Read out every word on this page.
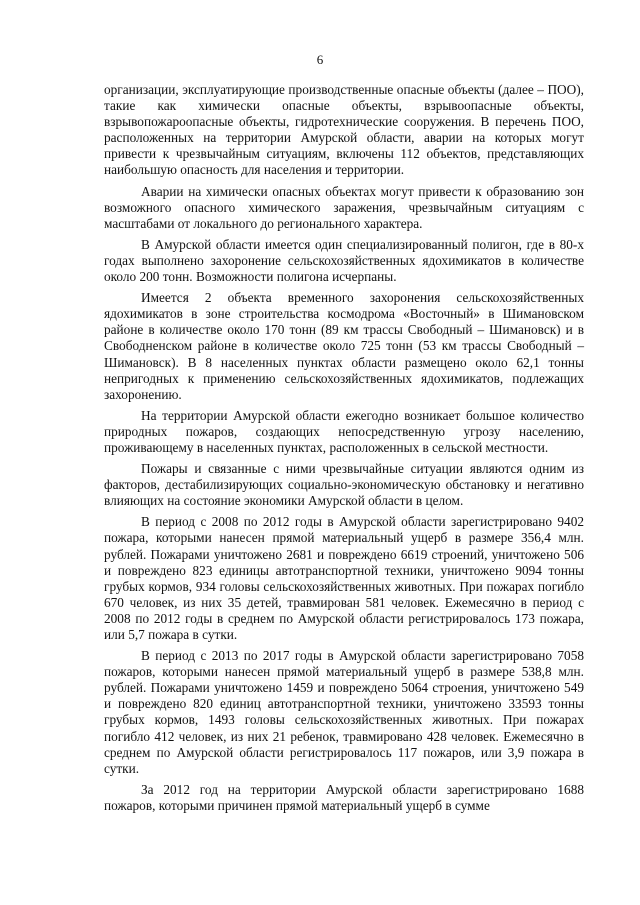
6

организации, эксплуатирующие производственные опасные объекты (далее – ПОО), такие как химически опасные объекты, взрывоопасные объекты, взрывопожароопасные объекты, гидротехнические сооружения. В перечень ПОО, расположенных на территории Амурской области, аварии на которых могут привести к чрезвычайным ситуациям, включены 112 объектов, представляющих наибольшую опасность для населения и территории.

Аварии на химически опасных объектах могут привести к образованию зон возможного опасного химического заражения, чрезвычайным ситуациям с масштабами от локального до регионального характера.

В Амурской области имеется один специализированный полигон, где в 80-х годах выполнено захоронение сельскохозяйственных ядохимикатов в количестве около 200 тонн. Возможности полигона исчерпаны.

Имеется 2 объекта временного захоронения сельскохозяйственных ядохимикатов в зоне строительства космодрома «Восточный» в Шимановском районе в количестве около 170 тонн (89 км трассы Свободный – Шимановск) и в Свободненском районе в количестве около 725 тонн (53 км трассы Свободный – Шимановск). В 8 населенных пунктах области размещено около 62,1 тонны непригодных к применению сельскохозяйственных ядохимикатов, подлежащих захоронению.

На территории Амурской области ежегодно возникает большое количество природных пожаров, создающих непосредственную угрозу населению, проживающему в населенных пунктах, расположенных в сельской местности.

Пожары и связанные с ними чрезвычайные ситуации являются одним из факторов, дестабилизирующих социально-экономическую обстановку и негативно влияющих на состояние экономики Амурской области в целом.

В период с 2008 по 2012 годы в Амурской области зарегистрировано 9402 пожара, которыми нанесен прямой материальный ущерб в размере 356,4 млн. рублей. Пожарами уничтожено 2681 и повреждено 6619 строений, уничтожено 506 и повреждено 823 единицы автотранспортной техники, уничтожено 9094 тонны грубых кормов, 934 головы сельскохозяйственных животных. При пожарах погибло 670 человек, из них 35 детей, травмирован 581 человек. Ежемесячно в период с 2008 по 2012 годы в среднем по Амурской области регистрировалось 173 пожара, или 5,7 пожара в сутки.

В период с 2013 по 2017 годы в Амурской области зарегистрировано 7058 пожаров, которыми нанесен прямой материальный ущерб в размере 538,8 млн. рублей. Пожарами уничтожено 1459 и повреждено 5064 строения, уничтожено 549 и повреждено 820 единиц автотранспортной техники, уничтожено 33593 тонны грубых кормов, 1493 головы сельскохозяйственных животных. При пожарах погибло 412 человек, из них 21 ребенок, травмировано 428 человек. Ежемесячно в среднем по Амурской области регистрировалось 117 пожаров, или 3,9 пожара в сутки.

За 2012 год на территории Амурской области зарегистрировано 1688 пожаров, которыми причинен прямой материальный ущерб в сумме
